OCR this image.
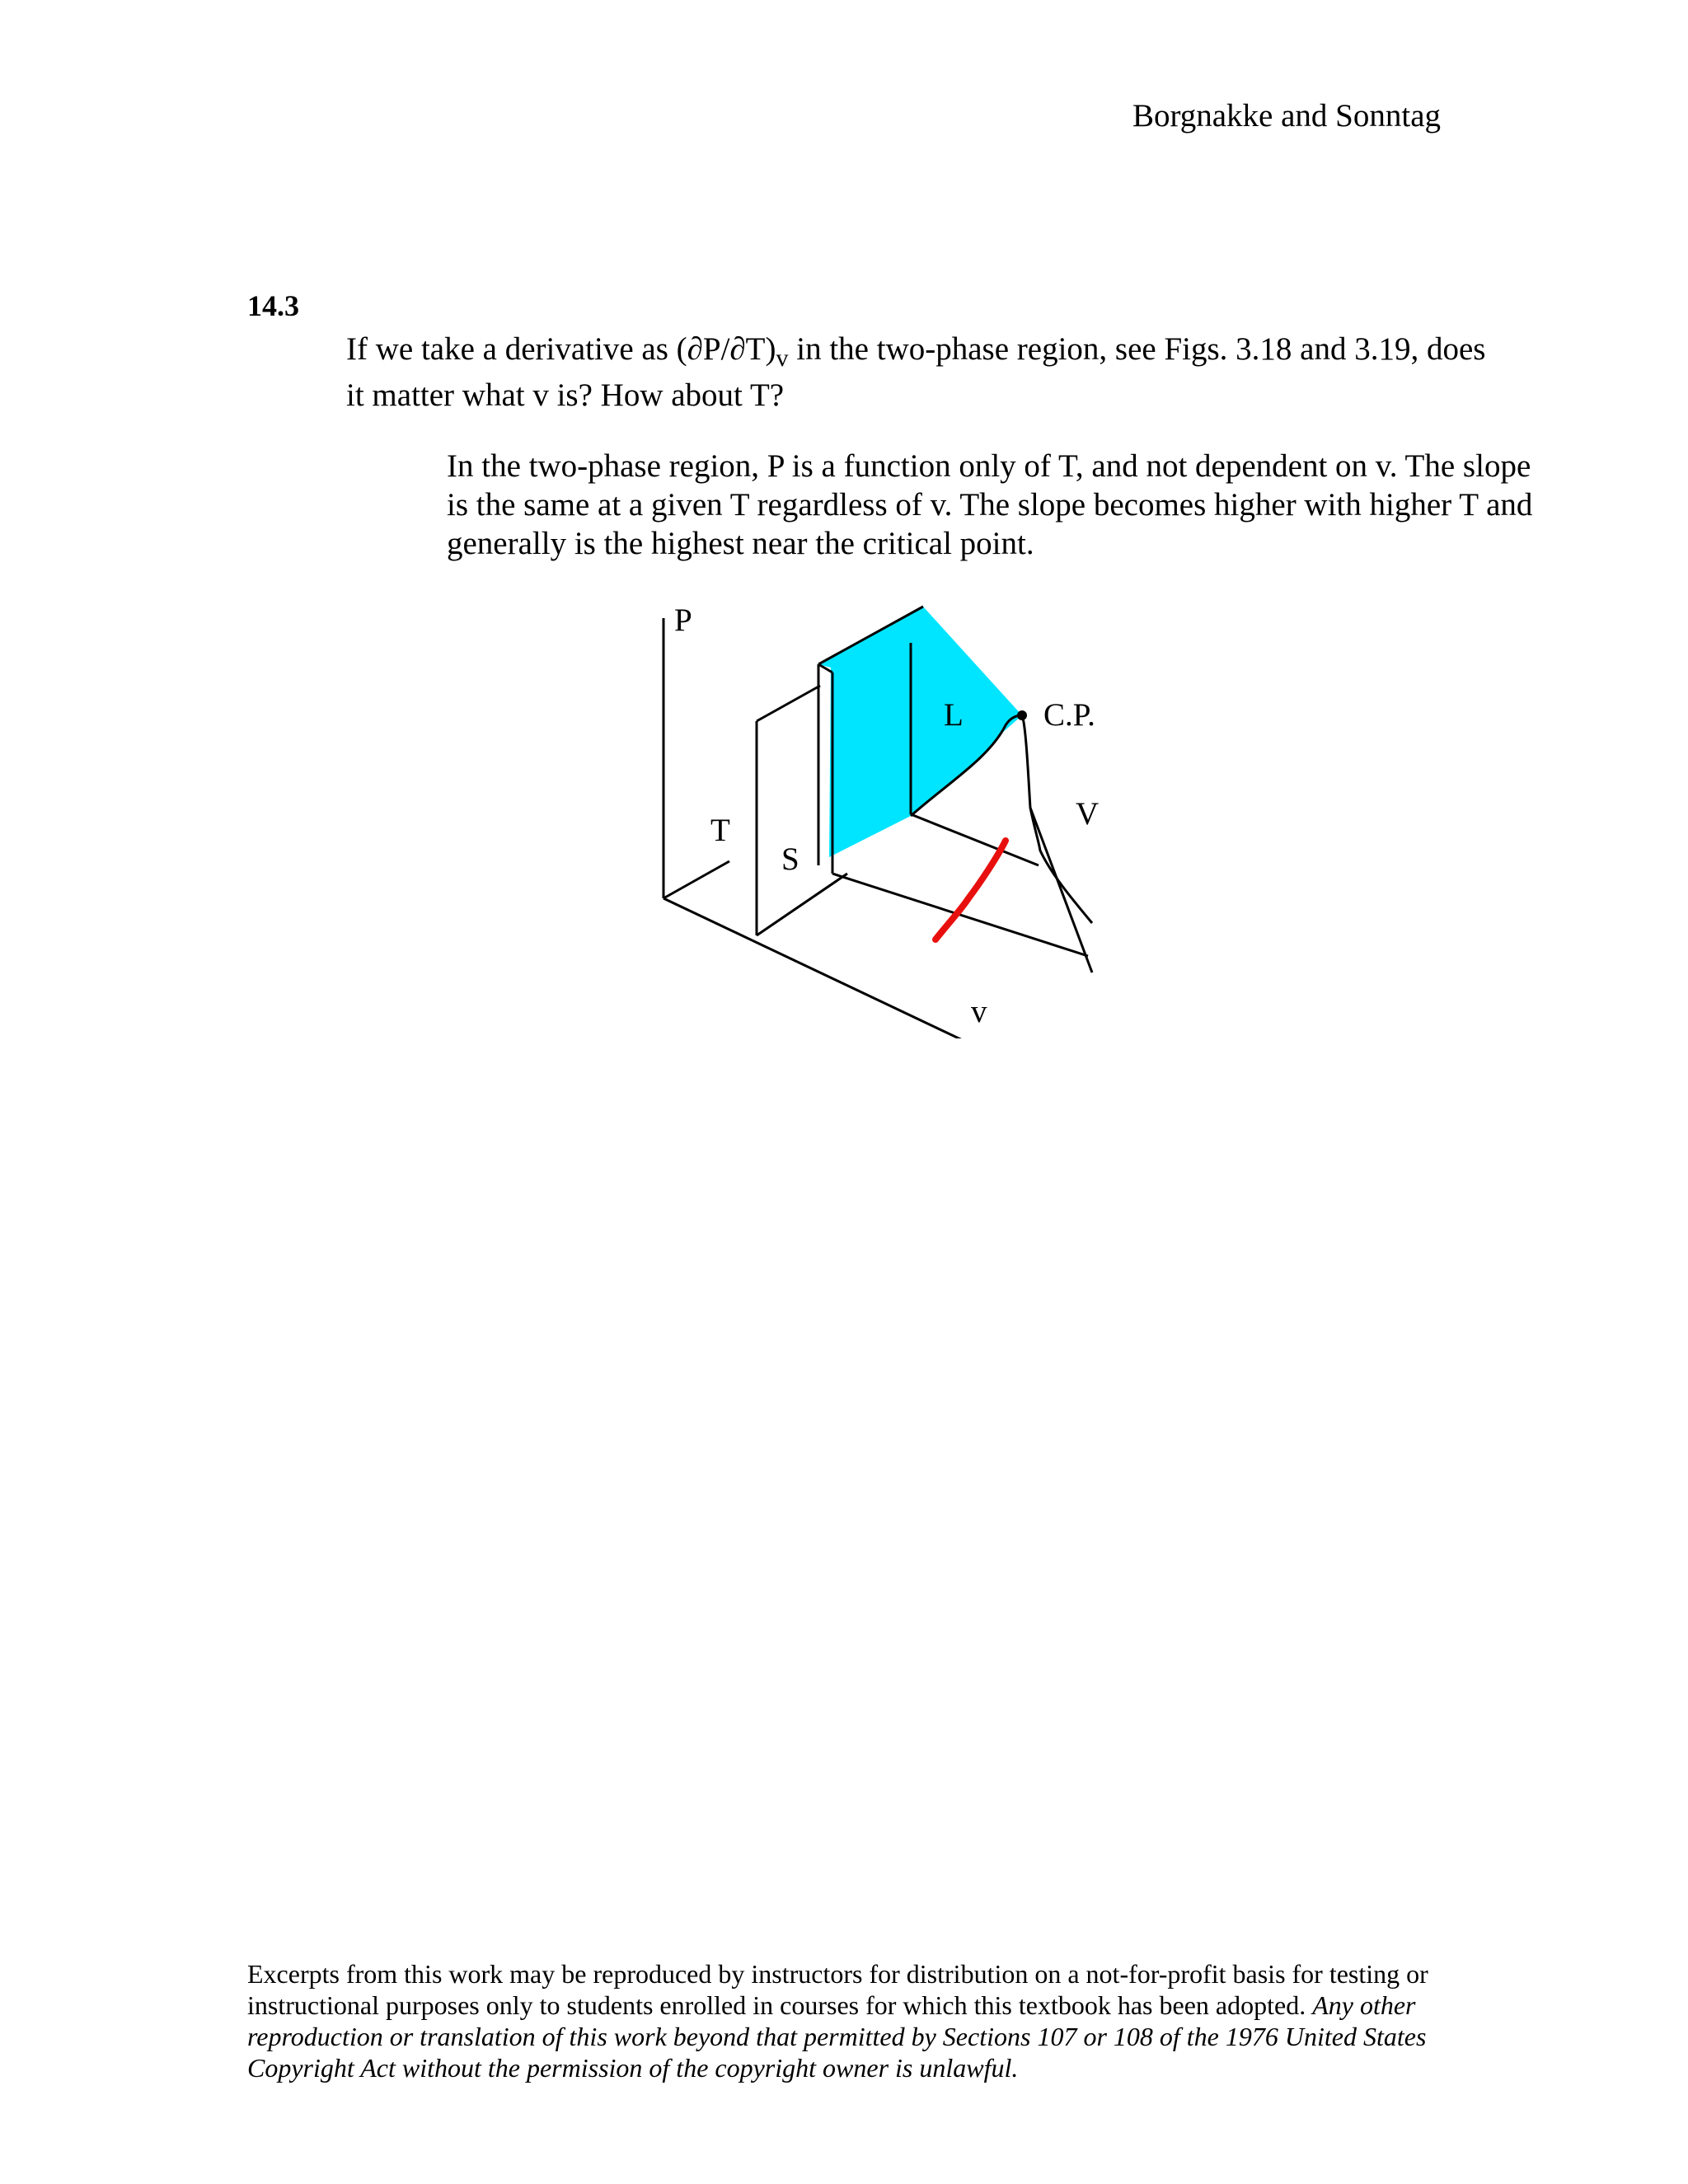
Borgnakke and Sonntag
14.3
If we take a derivative as $(\partial P/\partial T)_v$ in the two-phase region, see Figs. 3.18 and 3.19, does it matter what v is? How about T?
In the two-phase region, P is a function only of T, and not dependent on v. The slope is the same at a given T regardless of v. The slope becomes higher with higher T and generally is the highest near the critical point.
P
T
S
L C.P.
V
v
Excerpts from this work may be reproduced by instructors for distribution on a not-for-profit basis for testing or instructional purposes only to students enrolled in courses for which this textbook has been adopted. Any other reproduction or translation of this work beyond that permitted by Sections 107 or 108 of the 1976 United States Copyright Act without the permission of the copyright owner is unlawful.
